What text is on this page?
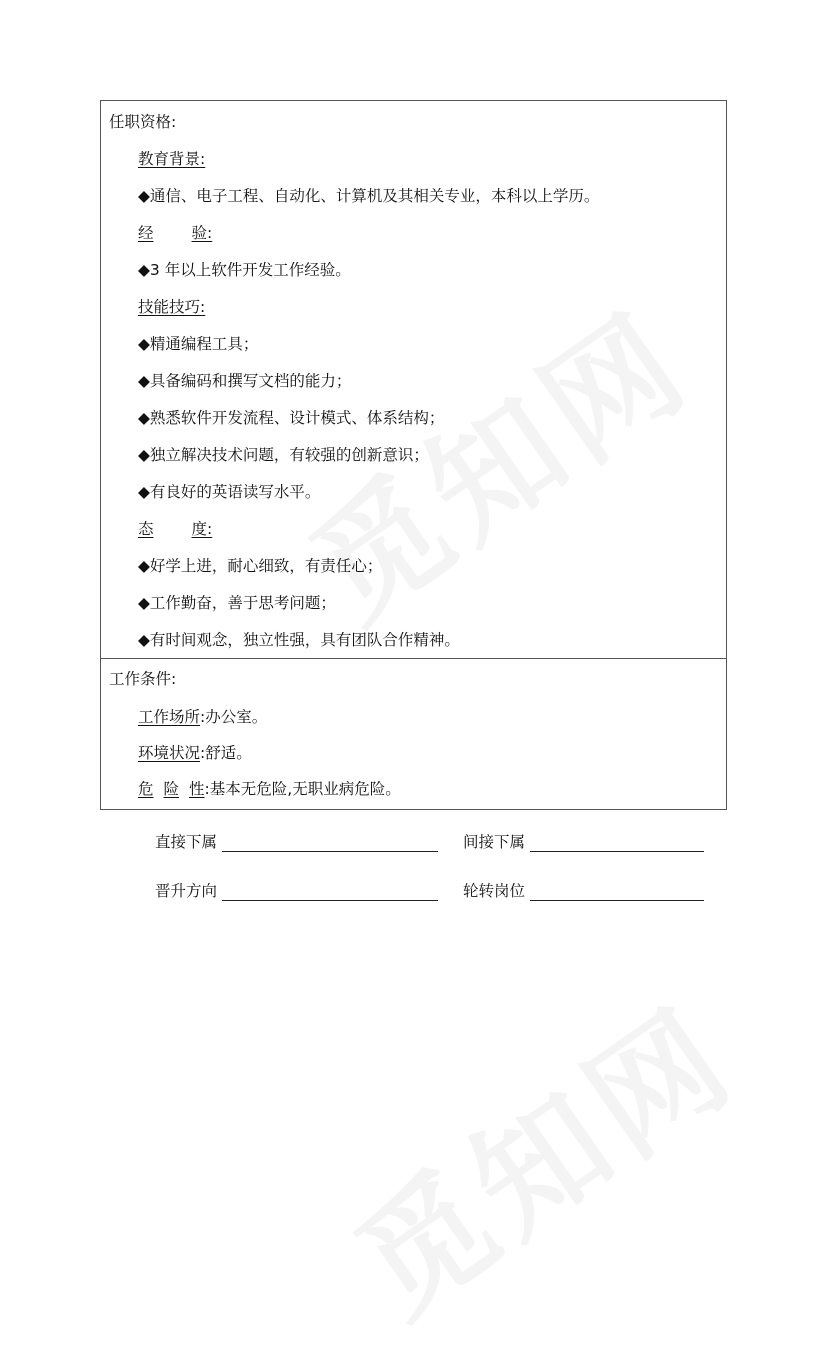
任职资格:
教育背景:
◆通信、电子工程、自动化、计算机及其相关专业，本科以上学历。
经 验:
◆3 年以上软件开发工作经验。
技能技巧:
◆精通编程工具；
◆具备编码和撰写文档的能力；
◆熟悉软件开发流程、设计模式、体系结构；
◆独立解决技术问题，有较强的创新意识；
◆有良好的英语读写水平。
态 度:
◆好学上进，耐心细致，有责任心；
◆工作勤奋，善于思考问题；
◆有时间观念，独立性强，具有团队合作精神。
工作条件:
工作场所:办公室。
环境状况:舒适。
危 险 性:基本无危险,无职业病危险。
直接下属	间接下属
晋升方向	轮转岗位
